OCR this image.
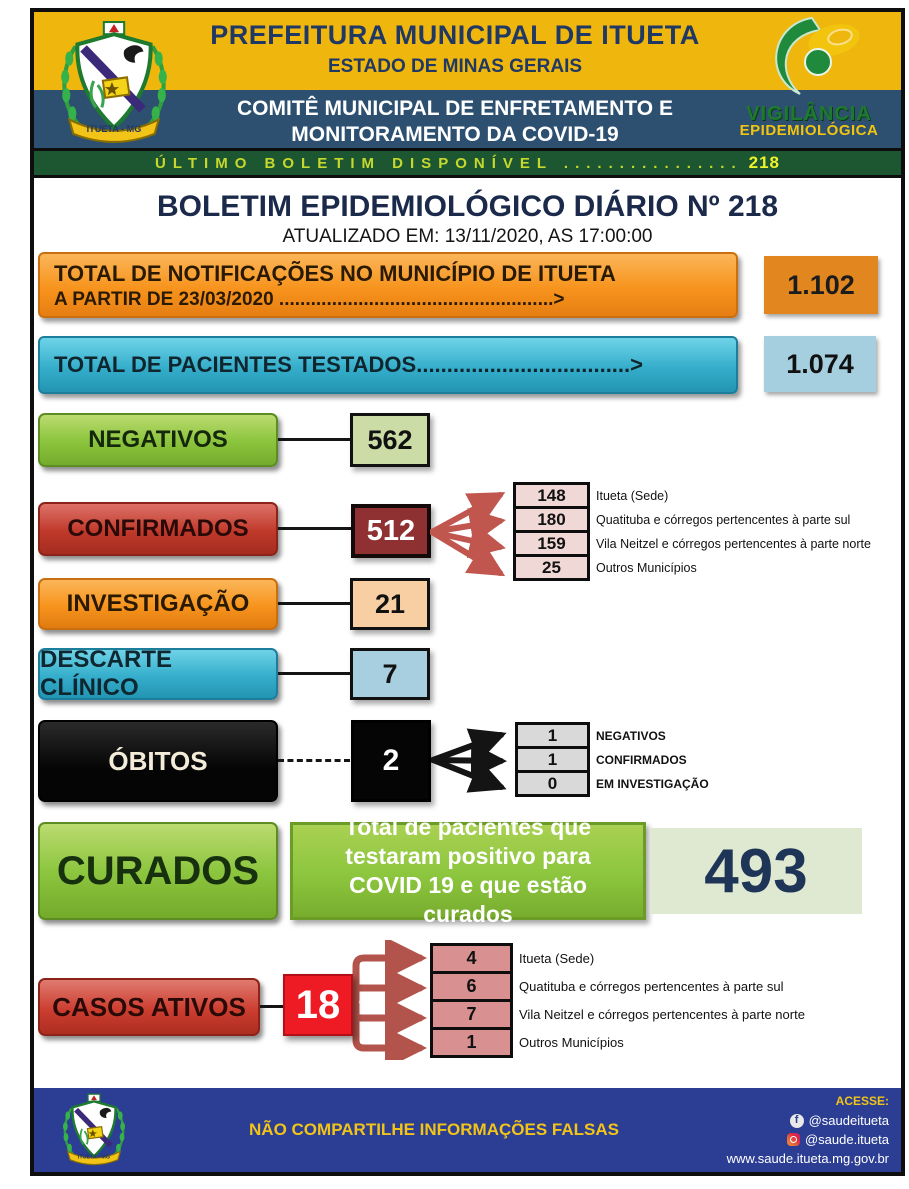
PREFEITURA MUNICIPAL DE ITUETA
ESTADO DE MINAS GERAIS
COMITÊ MUNICIPAL DE ENFRETAMENTO E
MONITORAMENTO DA COVID-19
ITUETA - MG
VIGILÂNCIA
EPIDEMIOLÓGICA
ÚLTIMO BOLETIM DISPONÍVEL ................ 218
BOLETIM EPIDEMIOLÓGICO DIÁRIO Nº 218
ATUALIZADO EM: 13/11/2020, AS 17:00:00
TOTAL DE NOTIFICAÇÕES NO MUNICÍPIO DE ITUETA
A PARTIR DE 23/03/2020 ....................................................>	1.102
TOTAL DE PACIENTES TESTADOS...................................>	1.074
NEGATIVOS	562
CONFIRMADOS	512
148	Itueta (Sede)
180	Quatituba e córregos pertencentes à parte sul
159	Vila Neitzel e córregos pertencentes à parte norte
25	Outros Municípios
INVESTIGAÇÃO	21
DESCARTE CLÍNICO	7
ÓBITOS	2
1	NEGATIVOS
1	CONFIRMADOS
0	EM INVESTIGAÇÃO
CURADOS
Total de pacientes que testaram positivo para COVID 19 e que estão curados
493
CASOS ATIVOS	18
4	Itueta (Sede)
6	Quatituba e córregos pertencentes à parte sul
7	Vila Neitzel e córregos pertencentes à parte norte
1	Outros Municípios
NÃO COMPARTILHE INFORMAÇÕES FALSAS
ACESSE:
f @saudeitueta
@saude.itueta
www.saude.itueta.mg.gov.br
